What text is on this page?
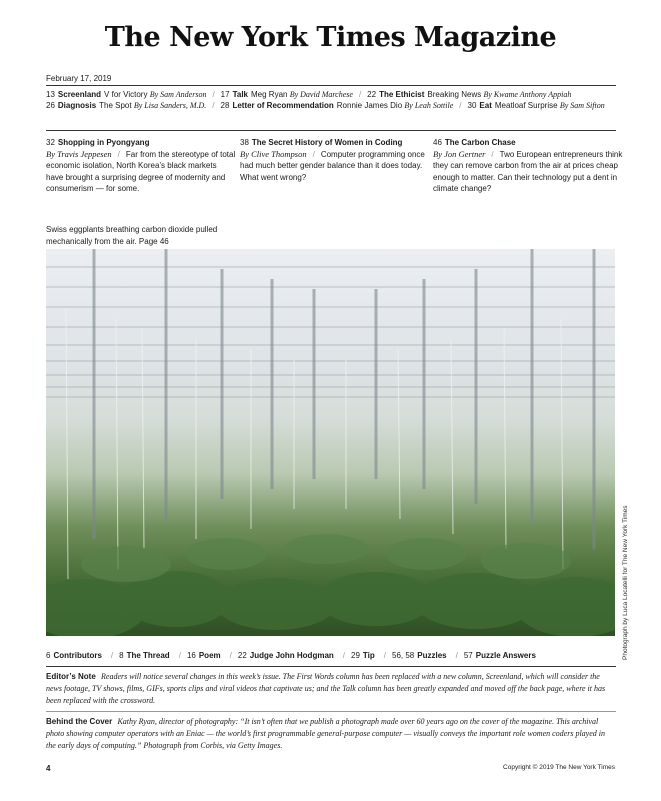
The New York Times Magazine
February 17, 2019
13 Screenland V for Victory By Sam Anderson / 17 Talk Meg Ryan By David Marchese / 22 The Ethicist Breaking News By Kwame Anthony Appiah
26 Diagnosis The Spot By Lisa Sanders, M.D. / 28 Letter of Recommendation Ronnie James Dio By Leah Sottile / 30 Eat Meatloaf Surprise By Sam Sifton
32 Shopping in Pyongyang
By Travis Jeppesen / Far from the stereotype of total economic isolation, North Korea’s black markets have brought a surprising degree of modernity and consumerism — for some.
38 The Secret History of Women in Coding
By Clive Thompson / Computer programming once had much better gender balance than it does today. What went wrong?
46 The Carbon Chase
By Jon Gertner / Two European entrepreneurs think they can remove carbon from the air at prices cheap enough to matter. Can their technology put a dent in climate change?
Swiss eggplants breathing carbon dioxide pulled mechanically from the air. Page 46
Photograph by Luca Locatelli for The New York Times
6 Contributors / 8 The Thread / 16 Poem / 22 Judge John Hodgman / 29 Tip / 56, 58 Puzzles / 57 Puzzle Answers
Editor’s Note Readers will notice several changes in this week’s issue. The First Words column has been replaced with a new column, Screenland, which will consider the news footage, TV shows, films, GIFs, sports clips and viral videos that captivate us; and the Talk column has been greatly expanded and moved off the back page, where it has been replaced with the crossword.
Behind the Cover Kathy Ryan, director of photography: “It isn’t often that we publish a photograph made over 60 years ago on the cover of the magazine. This archival photo showing computer operators with an Eniac — the world’s first programmable general-purpose computer — visually conveys the important role women coders played in the early days of computing.” Photograph from Corbis, via Getty Images.
4	Copyright © 2019 The New York Times
